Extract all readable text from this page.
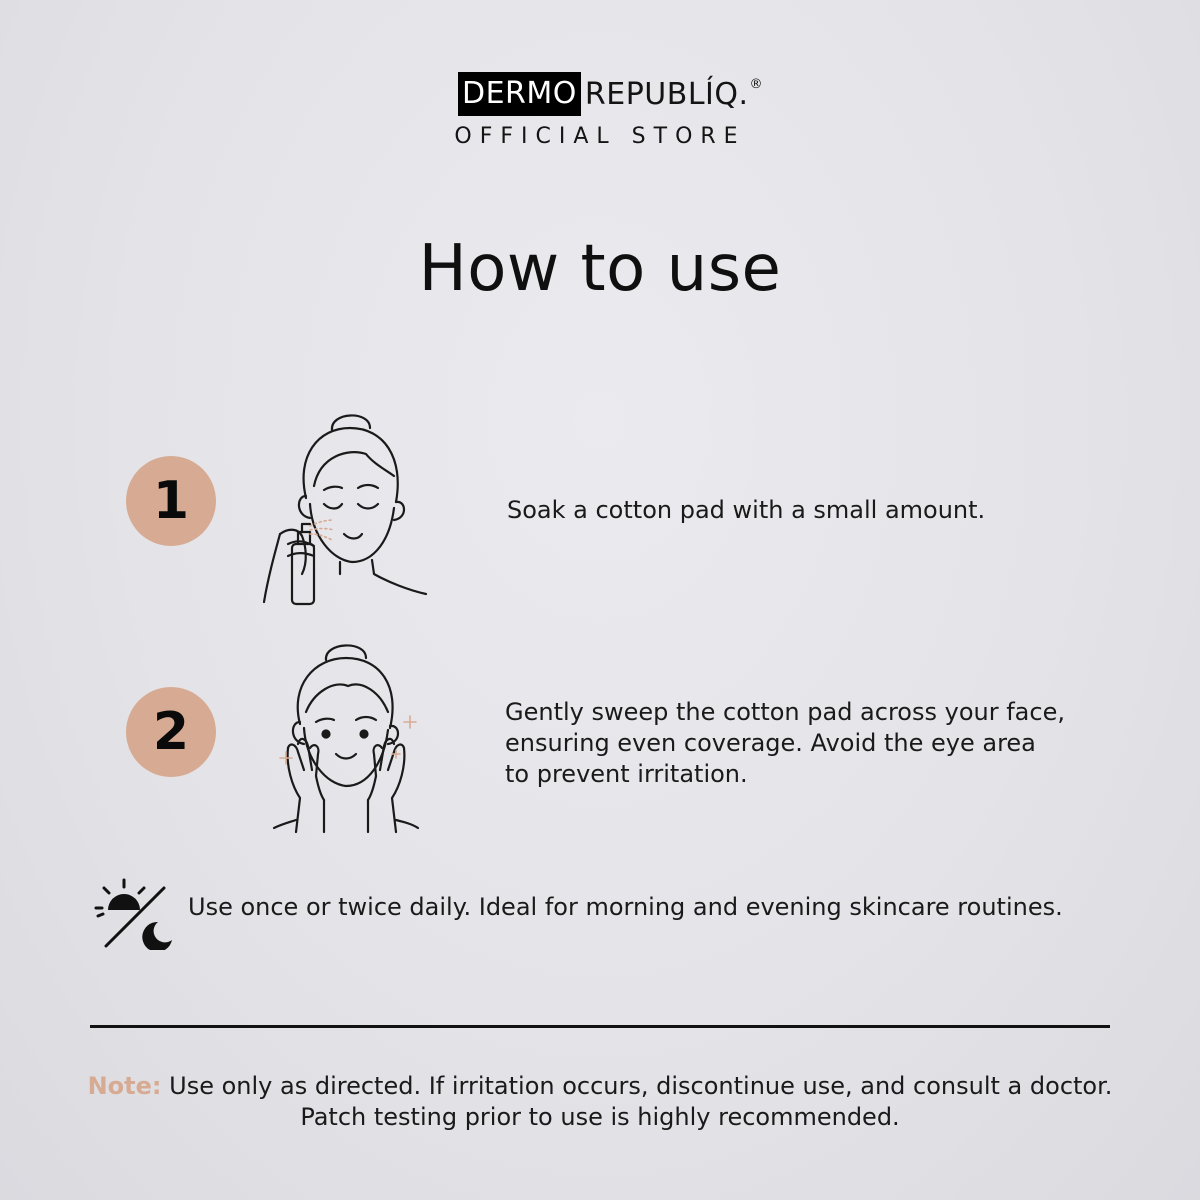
DERMO REPUBLÍQ. ®
OFFICIAL STORE
How to use
1	Soak a cotton pad with a small amount.
2	Gently sweep the cotton pad across your face,
ensuring even coverage. Avoid the eye area
to prevent irritation.
Use once or twice daily. Ideal for morning and evening skincare routines.
Note: Use only as directed. If irritation occurs, discontinue use, and consult a doctor.
Patch testing prior to use is highly recommended.
